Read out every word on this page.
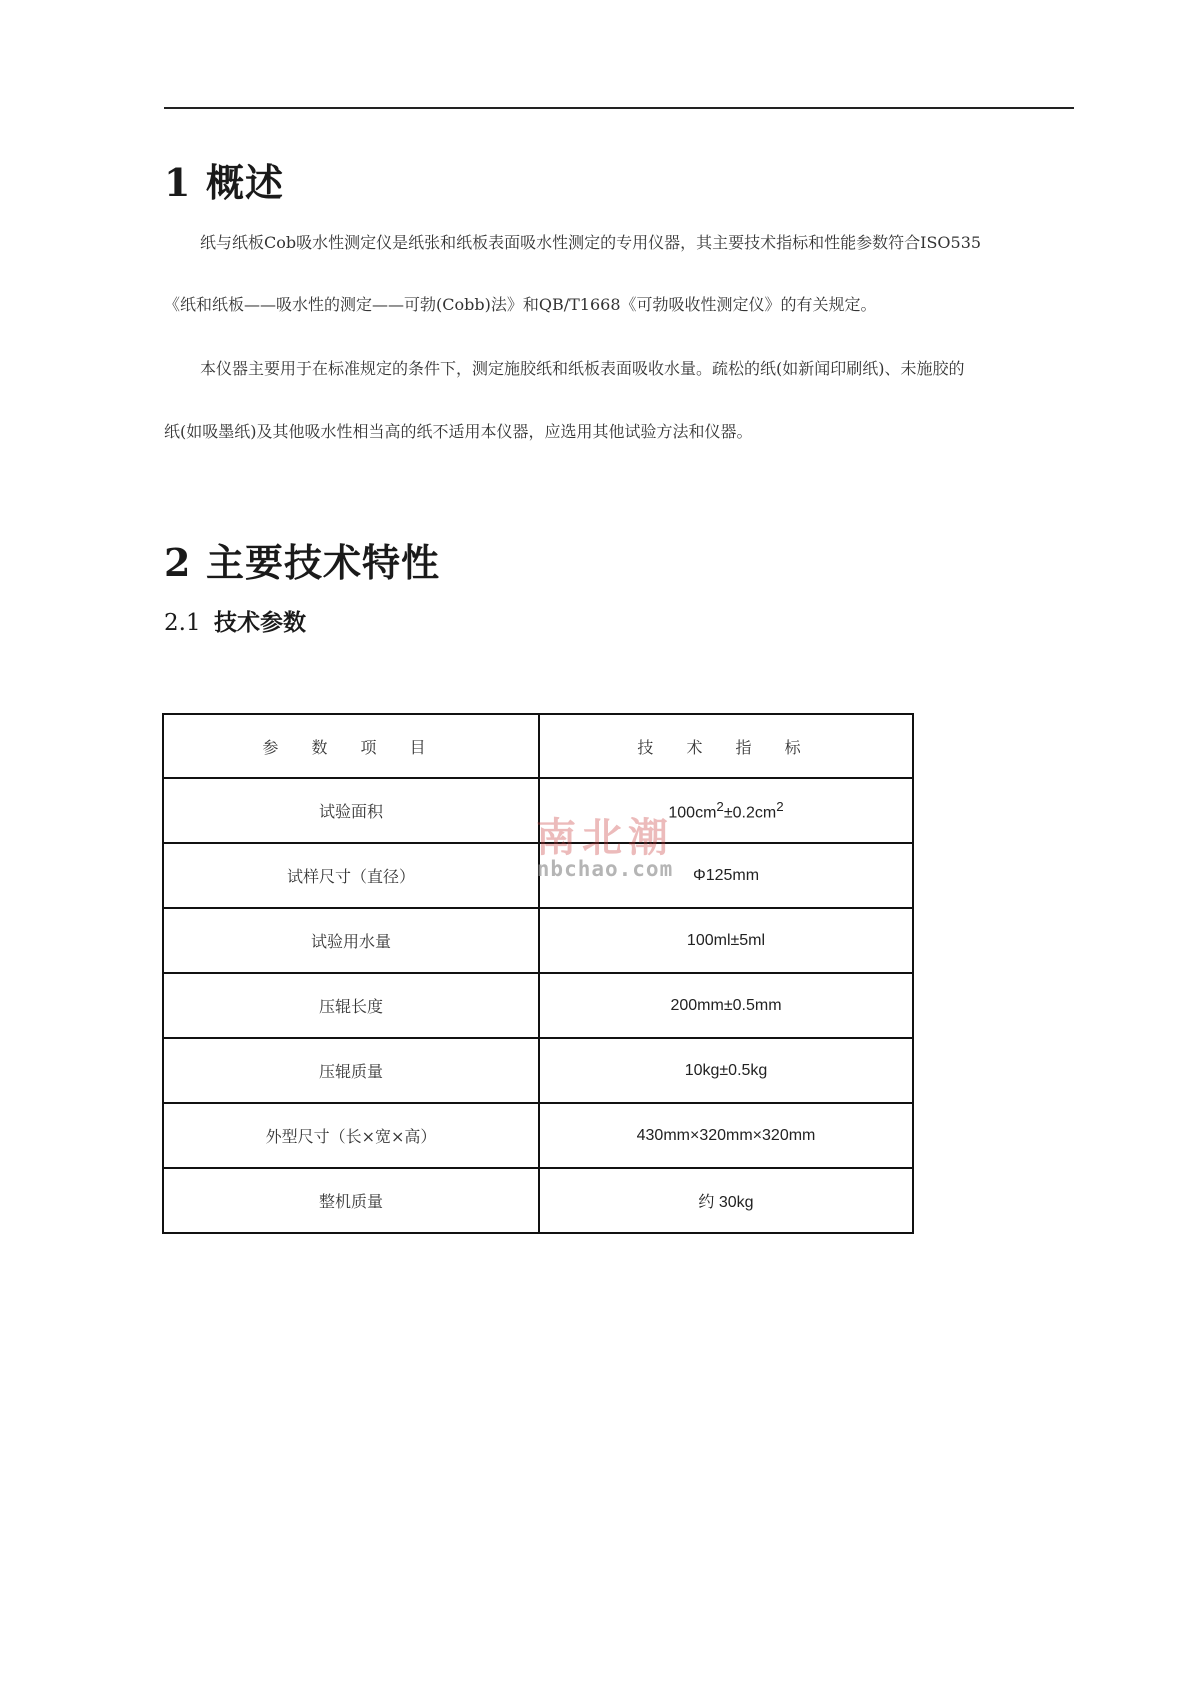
1 概述
纸与纸板Cob吸水性测定仪是纸张和纸板表面吸水性测定的专用仪器，其主要技术指标和性能参数符合ISO535
《纸和纸板——吸水性的测定——可勃(Cobb)法》和QB/T1668《可勃吸收性测定仪》的有关规定。
本仪器主要用于在标准规定的条件下，测定施胶纸和纸板表面吸收水量。疏松的纸(如新闻印刷纸)、未施胶的
纸(如吸墨纸)及其他吸水性相当高的纸不适用本仪器，应选用其他试验方法和仪器。
2 主要技术特性
2.1 技术参数
参 数 项 目	技 术 指 标
试验面积	$100cm^2\pm 0.2cm^2$
试样尺寸（直径）	Φ125mm
试验用水量	100ml±5ml
压辊长度	200mm±0.5mm
压辊质量	10kg±0.5kg
外型尺寸（长×宽×高）	430mm×320mm×320mm
整机质量	约 30kg
南北潮
nbchao.com
